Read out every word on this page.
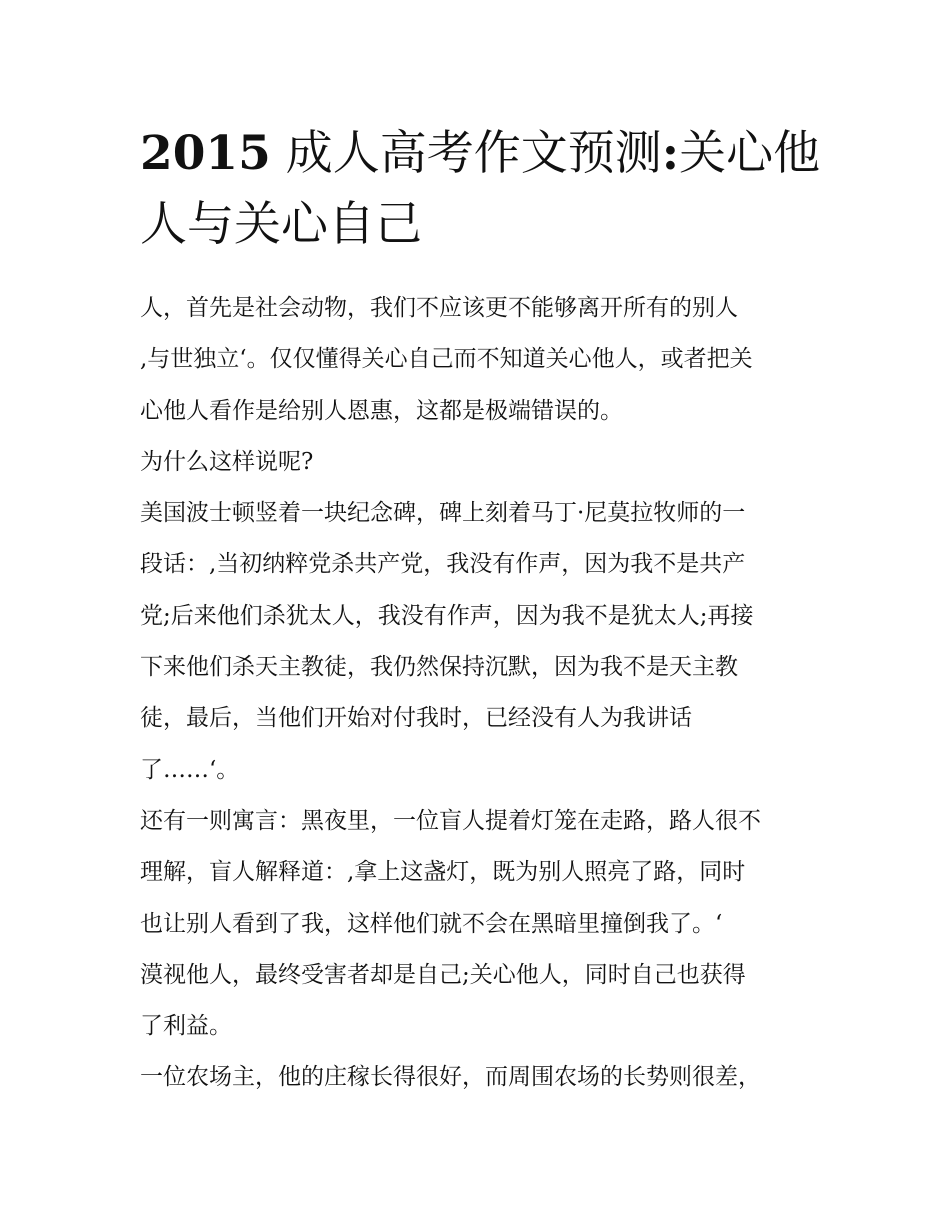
2015 成人高考作文预测:关心他
人与关心自己
人，首先是社会动物，我们不应该更不能够离开所有的别人
,与世独立‘。仅仅懂得关心自己而不知道关心他人，或者把关
心他人看作是给别人恩惠，这都是极端错误的。
为什么这样说呢?
美国波士顿竖着一块纪念碑，碑上刻着马丁·尼莫拉牧师的一
段话：,当初纳粹党杀共产党，我没有作声，因为我不是共产
党;后来他们杀犹太人，我没有作声，因为我不是犹太人;再接
下来他们杀天主教徒，我仍然保持沉默，因为我不是天主教
徒，最后，当他们开始对付我时，已经没有人为我讲话
了……‘。
还有一则寓言：黑夜里，一位盲人提着灯笼在走路，路人很不
理解，盲人解释道：,拿上这盏灯，既为别人照亮了路，同时
也让别人看到了我，这样他们就不会在黑暗里撞倒我了。‘
漠视他人，最终受害者却是自己;关心他人，同时自己也获得
了利益。
一位农场主，他的庄稼长得很好，而周围农场的长势则很差，
